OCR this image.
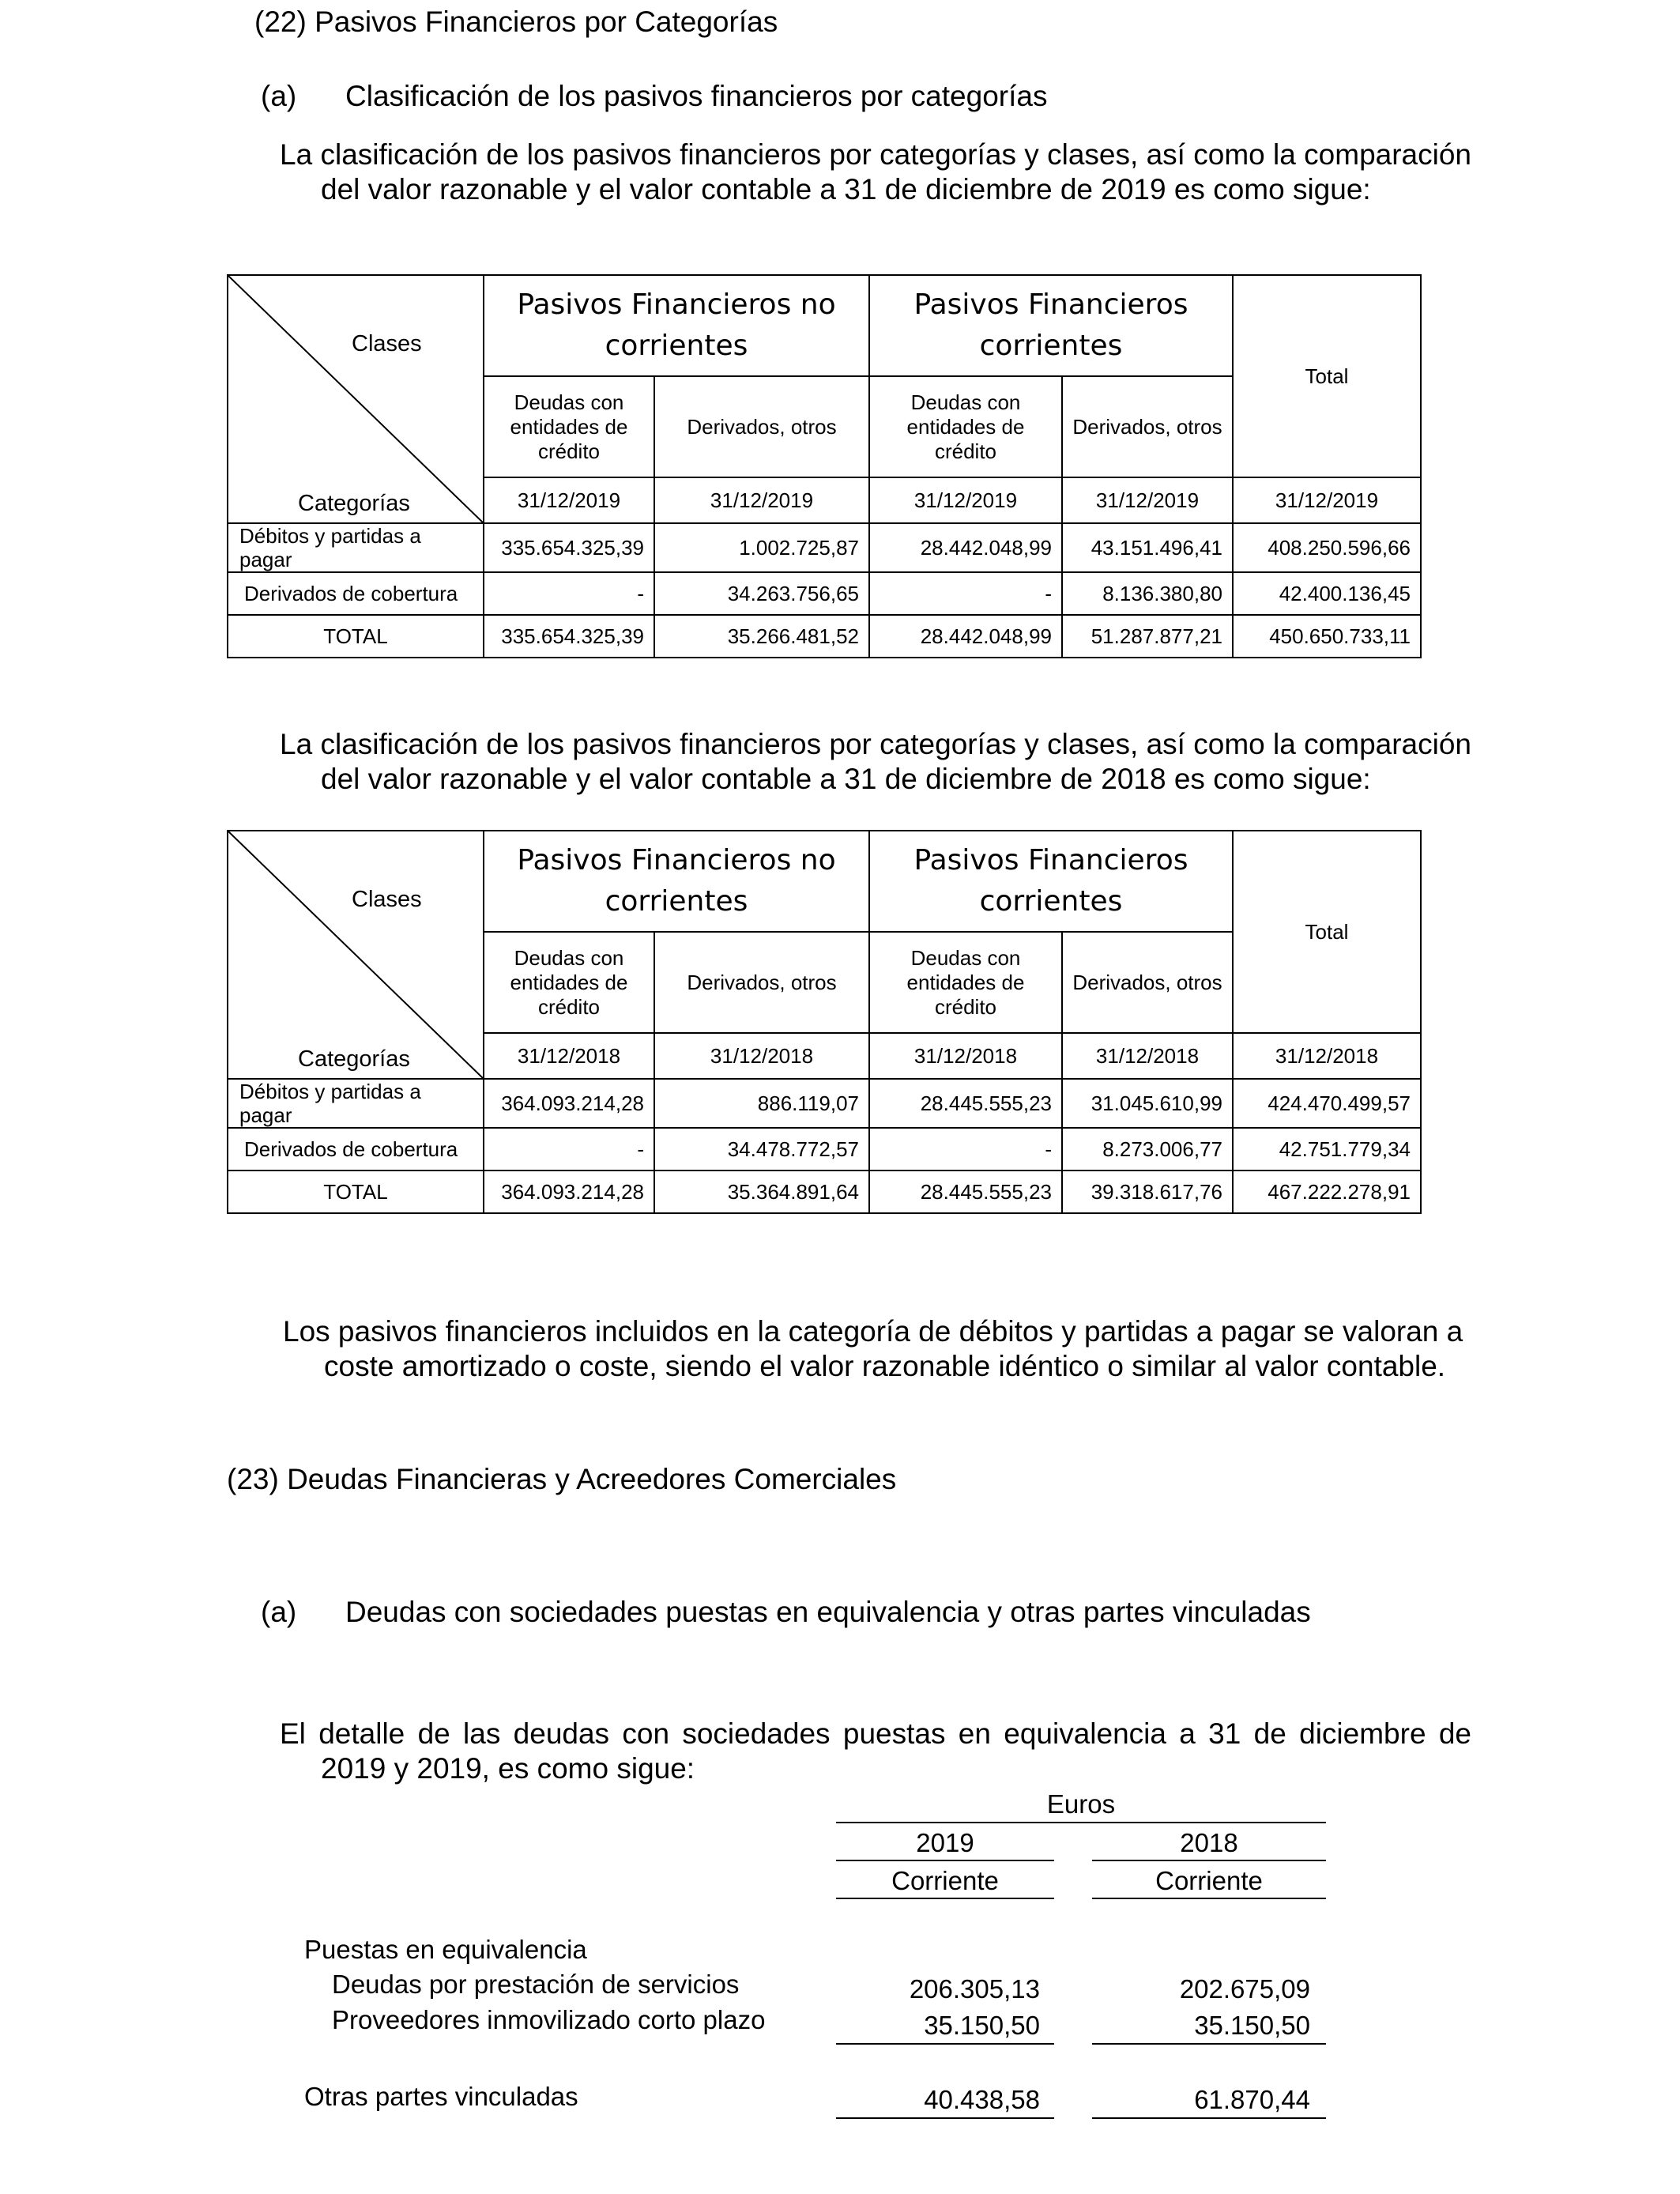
(22) Pasivos Financieros por Categorías
(a) Clasificación de los pasivos financieros por categorías
La clasificación de los pasivos financieros por categorías y clases, así como la comparación del valor razonable y el valor contable a 31 de diciembre de 2019 es como sigue:
Clases
Categorías	Pasivos Financieros no corrientes		Pasivos Financieros corrientes		Total
	Deudas con entidades de crédito	Derivados, otros	Deudas con entidades de crédito	Derivados, otros	
	31/12/2019	31/12/2019	31/12/2019	31/12/2019	31/12/2019
Débitos y partidas a pagar	335.654.325,39	1.002.725,87	28.442.048,99	43.151.496,41	408.250.596,66
Derivados de cobertura	-	34.263.756,65	-	8.136.380,80	42.400.136,45
TOTAL	335.654.325,39	35.266.481,52	28.442.048,99	51.287.877,21	450.650.733,11
La clasificación de los pasivos financieros por categorías y clases, así como la comparación del valor razonable y el valor contable a 31 de diciembre de 2018 es como sigue:
Clases
Categorías	Pasivos Financieros no corrientes		Pasivos Financieros corrientes		Total
	Deudas con entidades de crédito	Derivados, otros	Deudas con entidades de crédito	Derivados, otros	
	31/12/2018	31/12/2018	31/12/2018	31/12/2018	31/12/2018
Débitos y partidas a pagar	364.093.214,28	886.119,07	28.445.555,23	31.045.610,99	424.470.499,57
Derivados de cobertura	-	34.478.772,57	-	8.273.006,77	42.751.779,34
TOTAL	364.093.214,28	35.364.891,64	28.445.555,23	39.318.617,76	467.222.278,91
Los pasivos financieros incluidos en la categoría de débitos y partidas a pagar se valoran a coste amortizado o coste, siendo el valor razonable idéntico o similar al valor contable.
(23) Deudas Financieras y Acreedores Comerciales
(a) Deudas con sociedades puestas en equivalencia y otras partes vinculadas
El detalle de las deudas con sociedades puestas en equivalencia a 31 de diciembre de 2019 y 2019, es como sigue:
Euros
2019	2018
Corriente	Corriente
Puestas en equivalencia
Deudas por prestación de servicios	206.305,13	202.675,09
Proveedores inmovilizado corto plazo	35.150,50	35.150,50
Otras partes vinculadas	40.438,58	61.870,44
